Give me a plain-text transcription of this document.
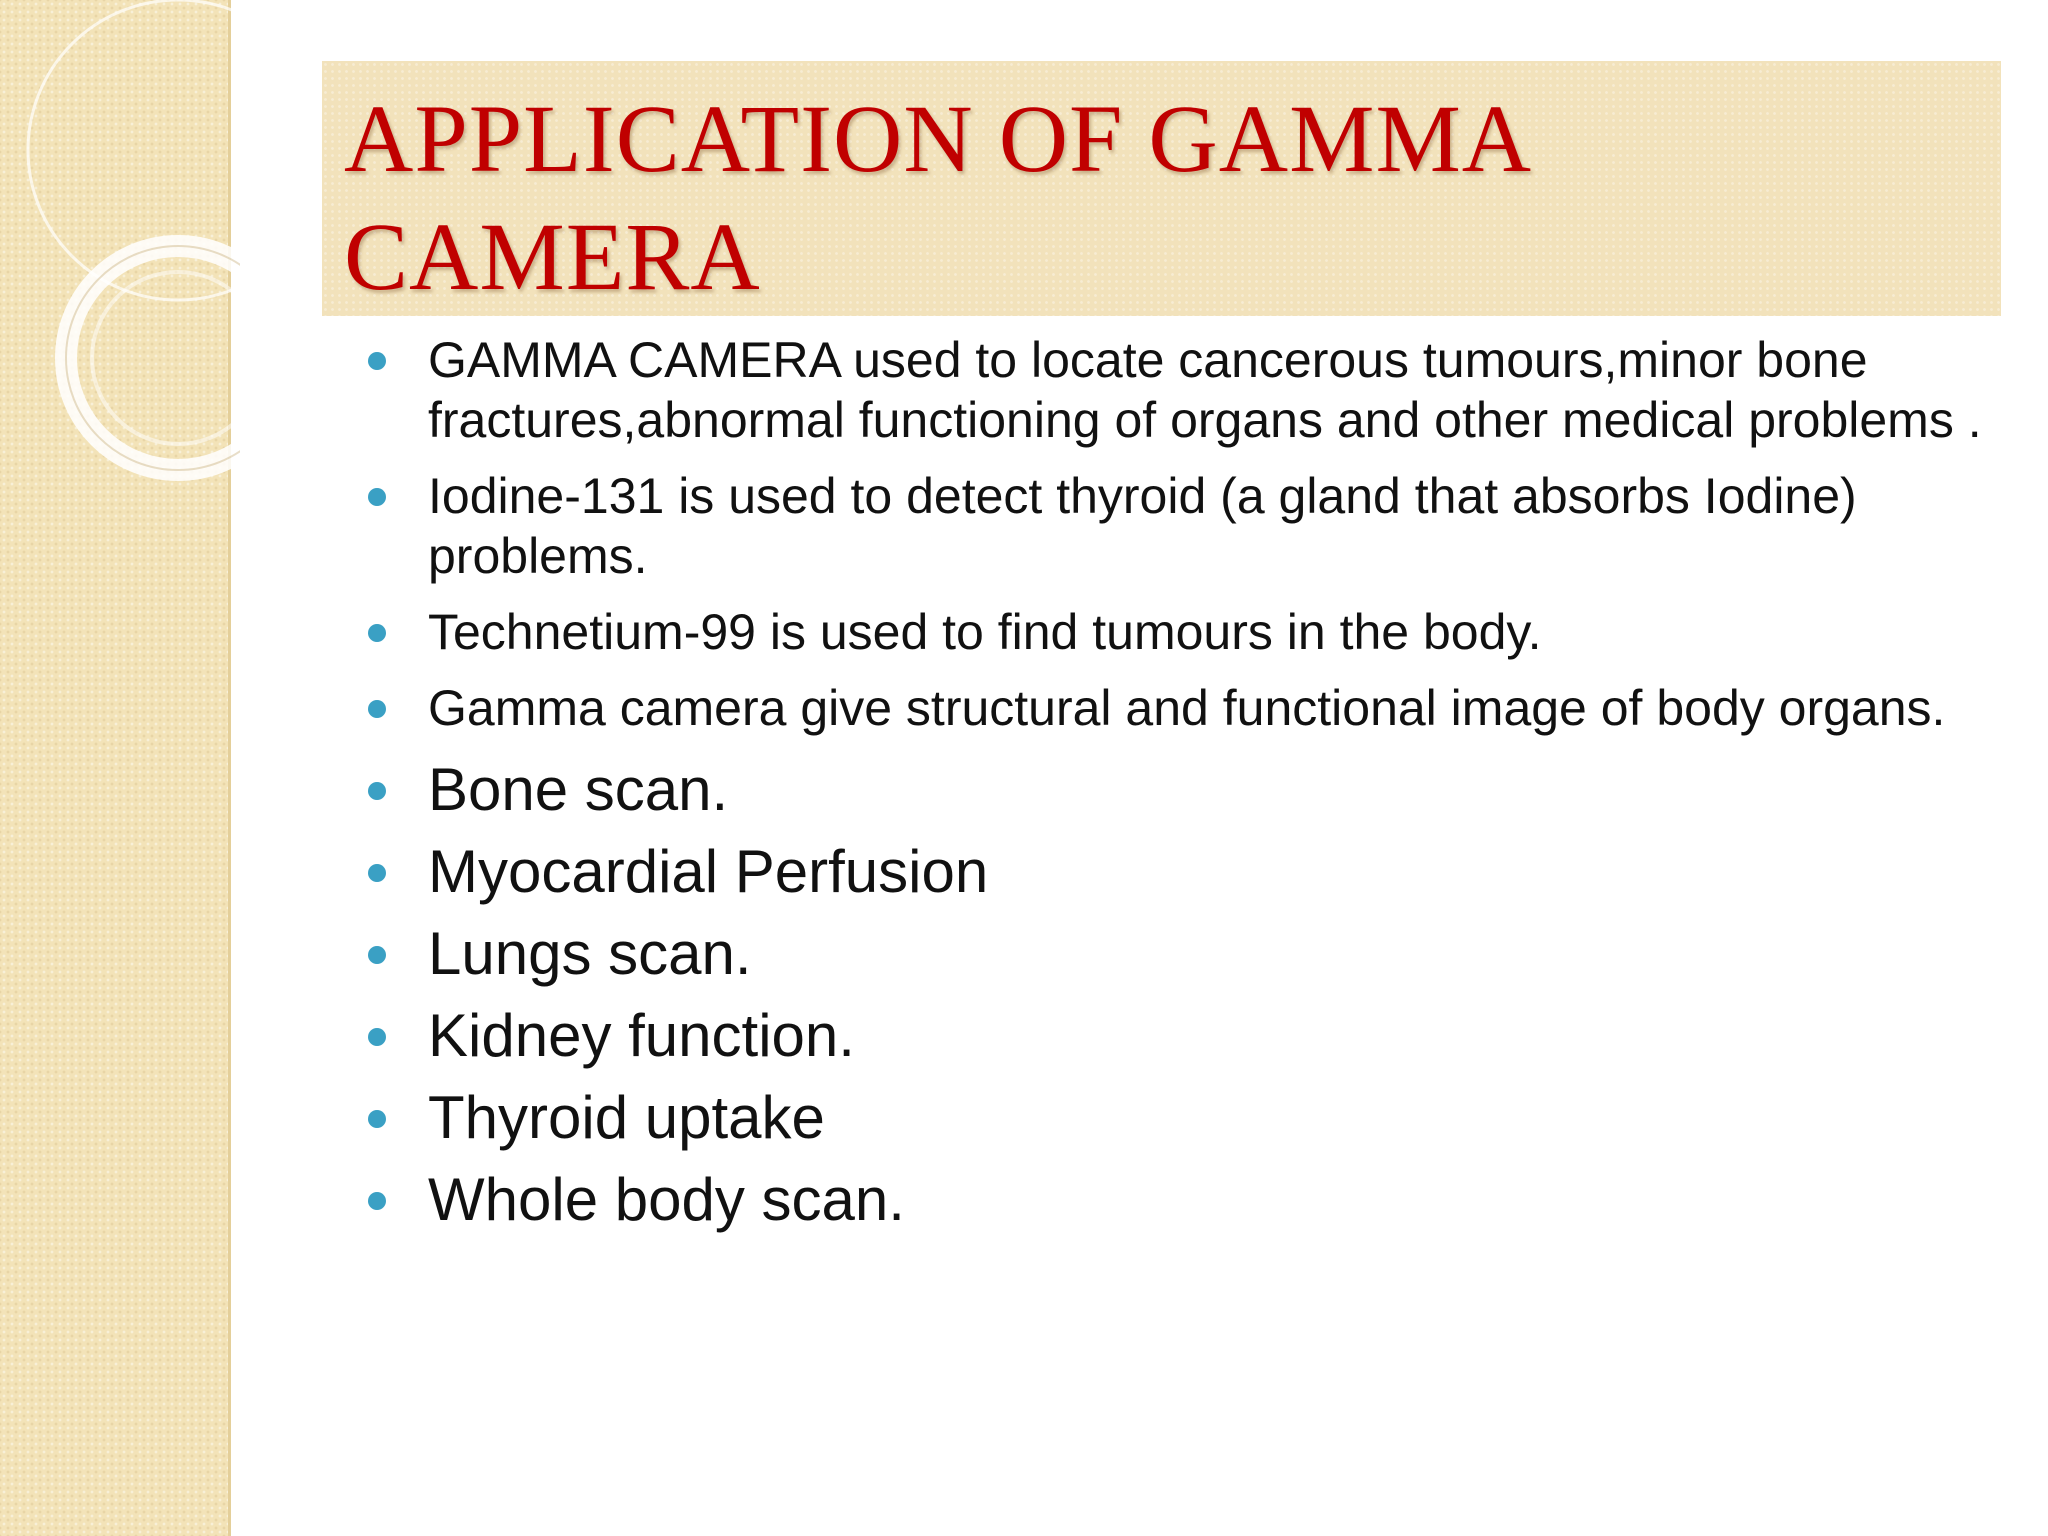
APPLICATION OF GAMMA CAMERA
GAMMA CAMERA used to locate cancerous tumours,minor bone fractures,abnormal functioning of organs and other medical problems .
Iodine-131 is used to detect thyroid (a gland that absorbs Iodine) problems.
Technetium-99 is used to find tumours in the body.
Gamma camera give structural and functional image of body organs.
Bone scan.
Myocardial Perfusion
Lungs scan.
Kidney function.
Thyroid uptake
Whole body scan.
